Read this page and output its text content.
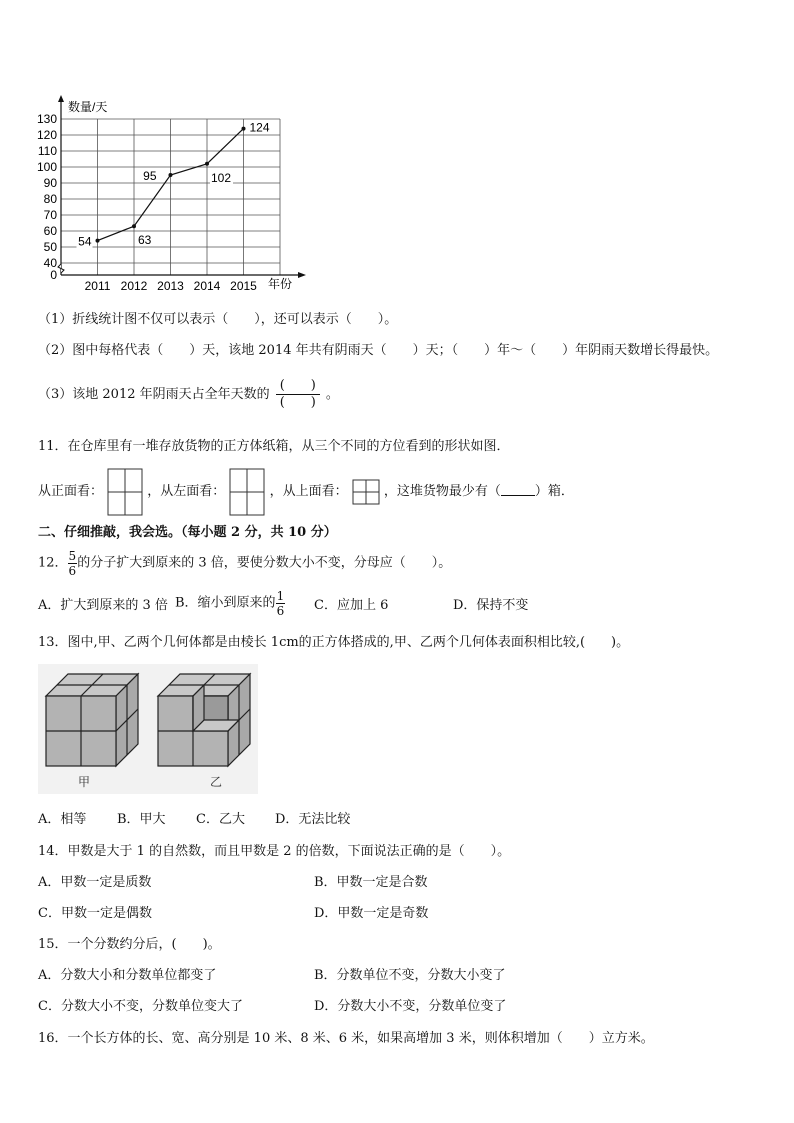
0
40
50
60
70
80
90
100
110
120
130
2011 2012 2013 2014 2015
54	63
95	102
124
数量/天
年份
（1）折线统计图不仅可以表示（　　），还可以表示（　　）。
（2）图中每格代表（　　）天，该地 2014 年共有阴雨天（　　）天；（　　）年～（　　）年阴雨天数增长得最快。
（3）该地 2012 年阴雨天占全年天数的 $\frac{( )}{( )}$ 。
11．在仓库里有一堆存放货物的正方体纸箱，从三个不同的方位看到的形状如图．
从正面看：	，从左面看：	，从上面看：	，这堆货物最少有（	）箱．
二、仔细推敲，我会选。（每小题 2 分，共 10 分）
12． $\frac{5}{6}$ 的分子扩大到原来的 3 倍，要使分数大小不变，分母应（　　）。
A．扩大到原来的 3 倍 B．缩小到原来的 $\frac{1}{6}$ C．应加上 6	D．保持不变
13．图中,甲、乙两个几何体都是由棱长 1cm的正方体搭成的,甲、乙两个几何体表面积相比较,(　　)。
甲	乙
A．相等 B．甲大 C．乙大 D．无法比较
14．甲数是大于 1 的自然数，而且甲数是 2 的倍数，下面说法正确的是（　　）。
A．甲数一定是质数	B．甲数一定是合数
C．甲数一定是偶数	D．甲数一定是奇数
15．一个分数约分后，(　　)。
A．分数大小和分数单位都变了	B．分数单位不变，分数大小变了
C．分数大小不变，分数单位变大了	D．分数大小不变，分数单位变了
16．一个长方体的长、宽、高分别是 10 米、8 米、6 米，如果高增加 3 米，则体积增加（　　）立方米。
